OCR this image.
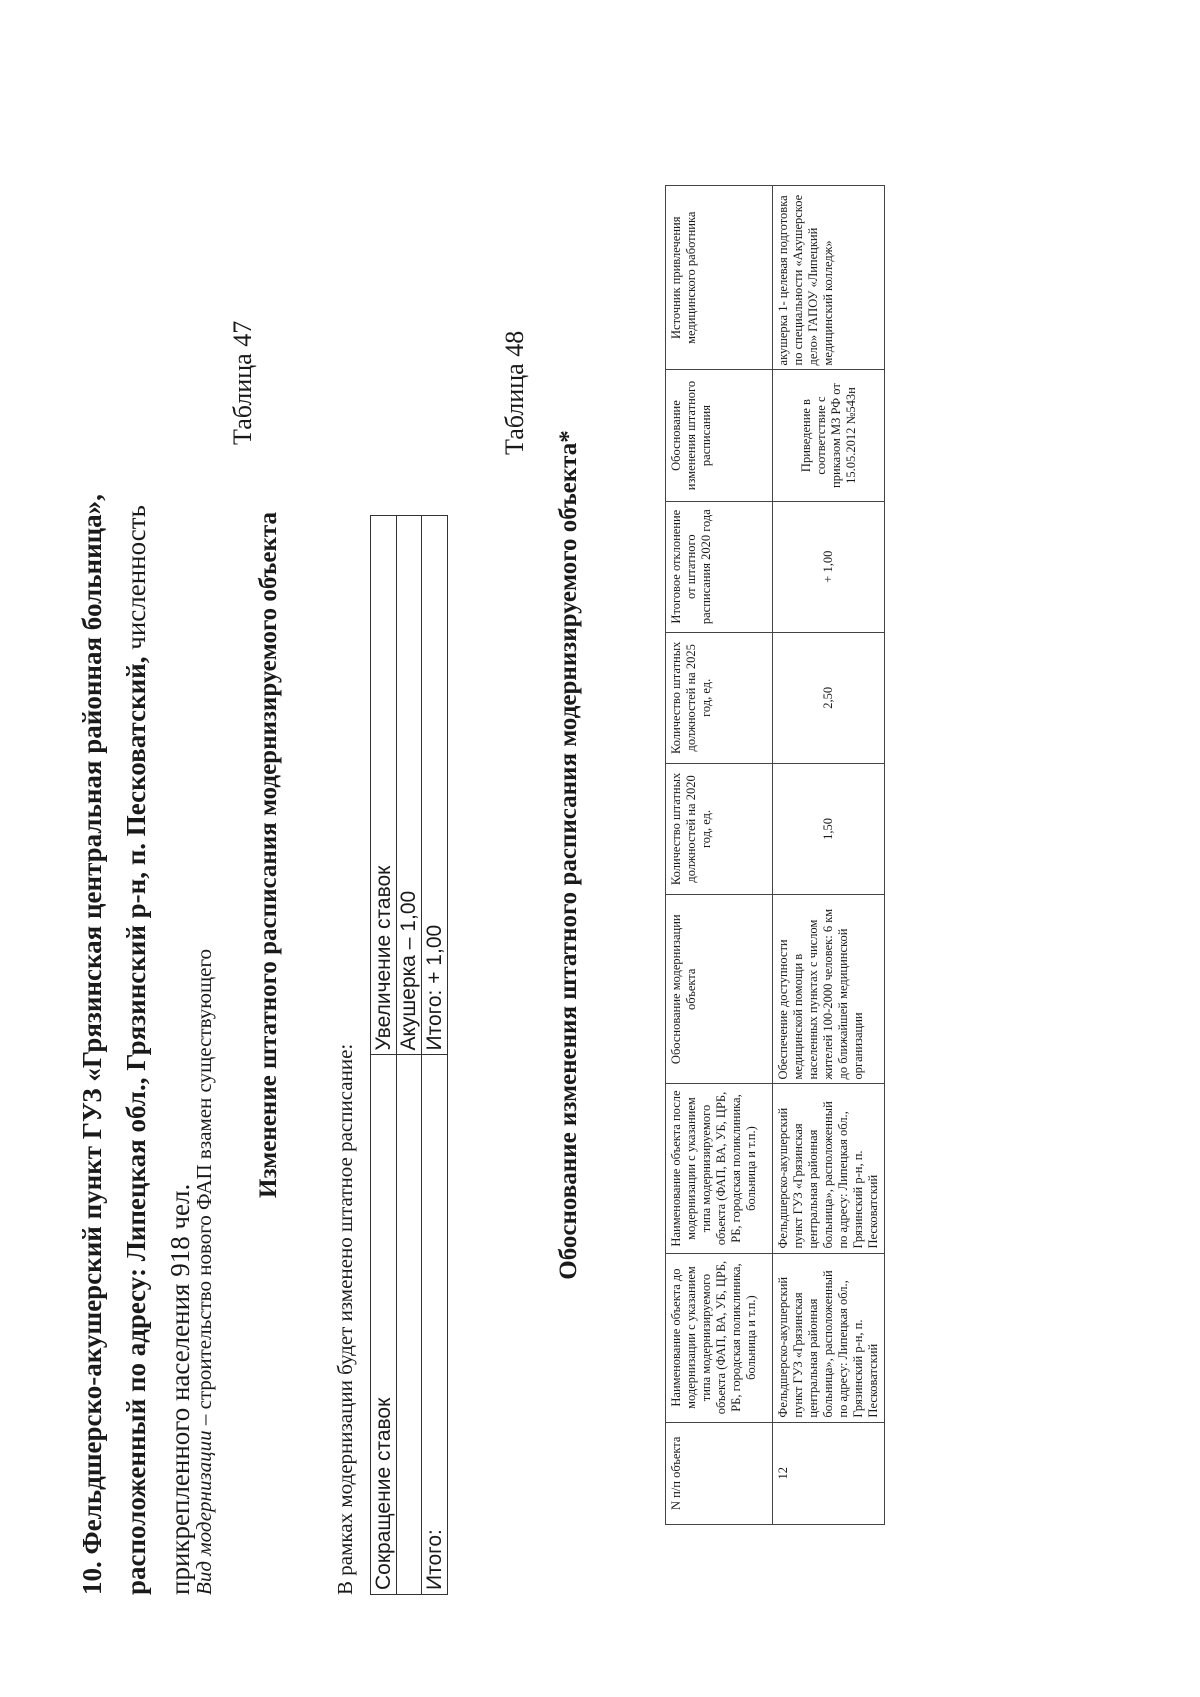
10. Фельдшерско-акушерский пункт ГУЗ «Грязинская центральная районная больница», расположенный по адресу: Липецкая обл., Грязинский р-н, п. Песковатский, численность прикрепленного населения 918 чел.
Вид модернизации – строительство нового ФАП взамен существующего
Таблица 47
Изменение штатного расписания модернизируемого объекта
В рамках модернизации будет изменено штатное расписание: Сокращение ставок	Увеличение ставок
	Акушерка – 1,00
Итого:	Итого: + 1,00
Таблица 48
Обоснование изменения штатного расписания модернизируемого объекта*
N п/п объекта	Наименование объекта до модернизации с указанием типа модернизируемого объекта (ФАП, ВА, УБ, ЦРБ, РБ, городская поликлиника, больница и т.п.)	Наименование объекта после модернизации с указанием типа модернизируемого объекта (ФАП, ВА, УБ, ЦРБ, РБ, городская поликлиника, больница и т.п.)	Обоснование модернизации объекта	Количество штатных должностей на 2020 год, ед.	Количество штатных должностей на 2025 год, ед.	Итоговое отклонение от штатного расписания 2020 года	Обоснование изменения штатного расписания	Источник привлечения медицинского работника
12	Фельдшерско-акушерский пункт ГУЗ «Грязинская центральная районная больница», расположенный по адресу: Липецкая обл., Грязинский р-н, п. Песковатский	Фельдшерско-акушерский пункт ГУЗ «Грязинская центральная районная больница», расположенный по адресу: Липецкая обл., Грязинский р-н, п. Песковатский	Обеспечение доступности медицинской помощи в населенных пунктах с числом жителей 100-2000 человек: 6 км до ближайшей медицинской организации	1,50	2,50	+ 1,00	Приведение в соответствие с приказом МЗ РФ от 15.05.2012 №543н	акушерка 1- целевая подготовка по специальности «Акушерское дело» ГАПОУ «Липецкий медицинский колледж»
